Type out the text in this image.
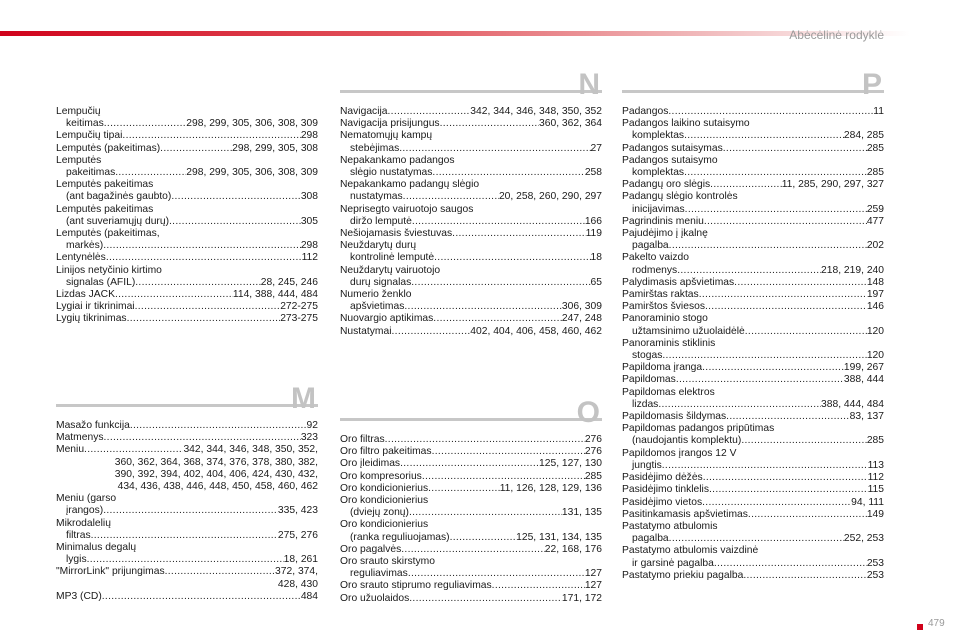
Abėcėlinė rodyklė
Lempučių
keitimas .....	298, 299, 305, 306, 308, 309
Lempučių tipai .....	298
Lemputės (pakeitimas) .....	298, 299, 305, 308
Lemputės
pakeitimas .....	298, 299, 305, 306, 308, 309
Lemputės pakeitimas
(ant bagažinės gaubto) .....	308
Lemputės pakeitimas
(ant suveriamųjų durų) .....	305
Lemputės (pakeitimas,
markės) .....	298
Lentynėlės .....	112
Linijos netyčinio kirtimo
signalas (AFIL) .....	28, 245, 246
Lizdas JACK .....	114, 388, 444, 484
Lygiai ir tikrinimai .....	272-275
Lygių tikrinimas .....	273-275
M
Masažo funkcija .....	92
Matmenys .....	323
Meniu .....	342, 344, 346, 348, 350, 352,
360, 362, 364, 368, 374, 376, 378, 380, 382,
390, 392, 394, 402, 404, 406, 424, 430, 432,
434, 436, 438, 446, 448, 450, 458, 460, 462
Meniu (garso
įrangos) .....	335, 423
Mikrodalelių
filtras .....	275, 276
Minimalus degalų
lygis .....	18, 261
"MirrorLink" prijungimas .....	372, 374,
428, 430
MP3 (CD) .....	484
N
Navigacija .....	342, 344, 346, 348, 350, 352
Navigacija prisijungus .....	360, 362, 364
Nematomųjų kampų
stebėjimas .....	27
Nepakankamo padangos
slėgio nustatymas .....	258
Nepakankamo padangų slėgio
nustatymas .....	20, 258, 260, 290, 297
Neprisegto vairuotojo saugos
diržo lemputė .....	166
Nešiojamasis šviestuvas .....	119
Neuždarytų durų
kontrolinė lemputė .....	18
Neuždarytų vairuotojo
durų signalas .....	65
Numerio ženklo
apšvietimas .....	306, 309
Nuovargio aptikimas .....	247, 248
Nustatymai .....	402, 404, 406, 458, 460, 462
O
Oro filtras .....	276
Oro filtro pakeitimas .....	276
Oro įleidimas .....	125, 127, 130
Oro kompresorius .....	285
Oro kondicionierius .....	11, 126, 128, 129, 136
Oro kondicionierius
(dviejų zonų) .....	131, 135
Oro kondicionierius
(ranka reguliuojamas) .....	125, 131, 134, 135
Oro pagalvės .....	22, 168, 176
Oro srauto skirstymo
reguliavimas .....	127
Oro srauto stiprumo reguliavimas .....	127
Oro užuolaidos .....	171, 172
P
Padangos .....	11
Padangos laikino sutaisymo
komplektas .....	284, 285
Padangos sutaisymas .....	285
Padangos sutaisymo
komplektas .....	285
Padangų oro slėgis .....	11, 285, 290, 297, 327
Padangų slėgio kontrolės
inicijavimas .....	259
Pagrindinis meniu .....	477
Pajudėjimo į įkalnę
pagalba .....	202
Pakelto vaizdo
rodmenys .....	218, 219, 240
Palydimasis apšvietimas .....	148
Pamirštas raktas .....	197
Pamirštos šviesos .....	146
Panoraminio stogo
užtamsinimo užuolaidėlė .....	120
Panoraminis stiklinis
stogas .....	120
Papildoma įranga .....	199, 267
Papildomas .....	388, 444
Papildomas elektros
lizdas .....	388, 444, 484
Papildomasis šildymas .....	83, 137
Papildomas padangos pripūtimas
(naudojantis komplektu) .....	285
Papildomos įrangos 12 V
jungtis .....	113
Pasidėjimo dėžės .....	112
Pasidėjimo tinklelis .....	115
Pasidėjimo vietos .....	94, 111
Pasitinkamasis apšvietimas .....	149
Pastatymo atbulomis
pagalba .....	252, 253
Pastatymo atbulomis vaizdinė
ir garsinė pagalba .....	253
Pastatymo priekiu pagalba .....	253
479
